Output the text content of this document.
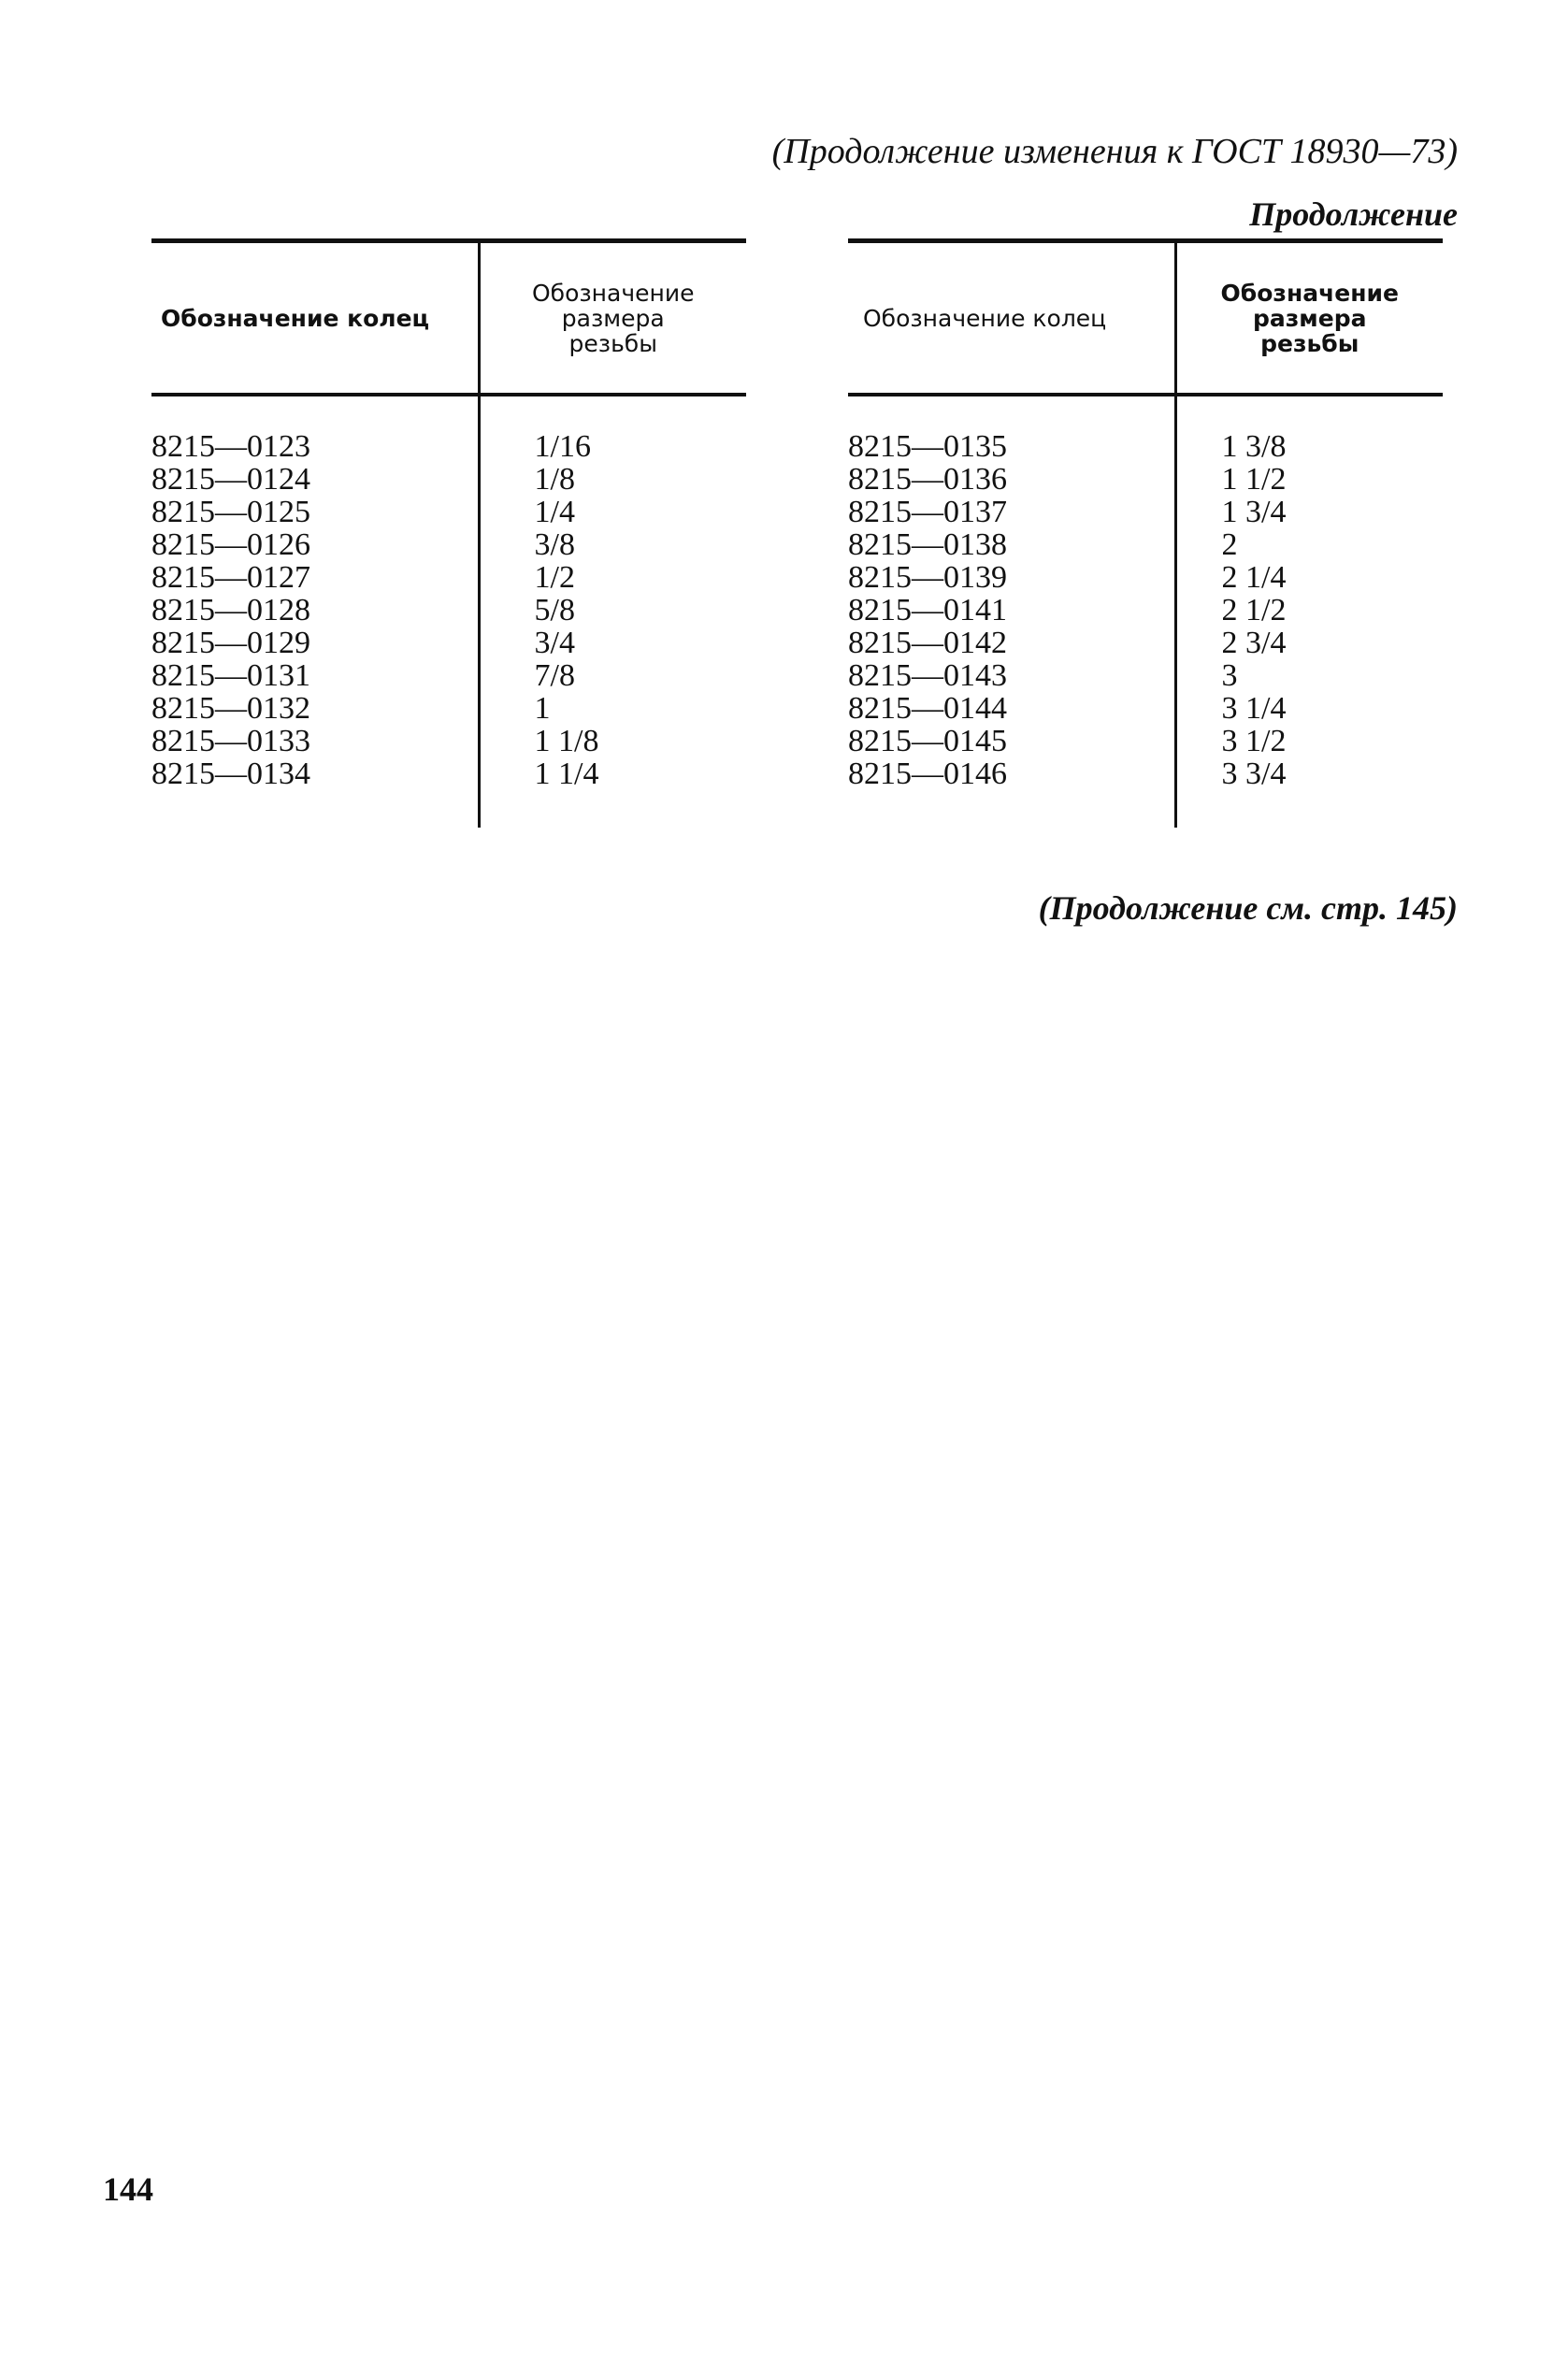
(Продолжение изменения к ГОСТ 18930—73)
Продолжение
Обозначение колец	Обозначение
размера
резьбы
8215—0123	1/16
8215—0124	1/8
8215—0125	1/4
8215—0126	3/8
8215—0127	1/2
8215—0128	5/8
8215—0129	3/4
8215—0131	7/8
8215—0132	1
8215—0133	1 1/8
8215—0134	1 1/4

Обозначение колец	Обозначение
размера
резьбы
8215—0135	1 3/8
8215—0136	1 1/2
8215—0137	1 3/4
8215—0138	2
8215—0139	2 1/4
8215—0141	2 1/2
8215—0142	2 3/4
8215—0143	3
8215—0144	3 1/4
8215—0145	3 1/2
8215—0146	3 3/4

(Продолжение см. стр. 145)
144
